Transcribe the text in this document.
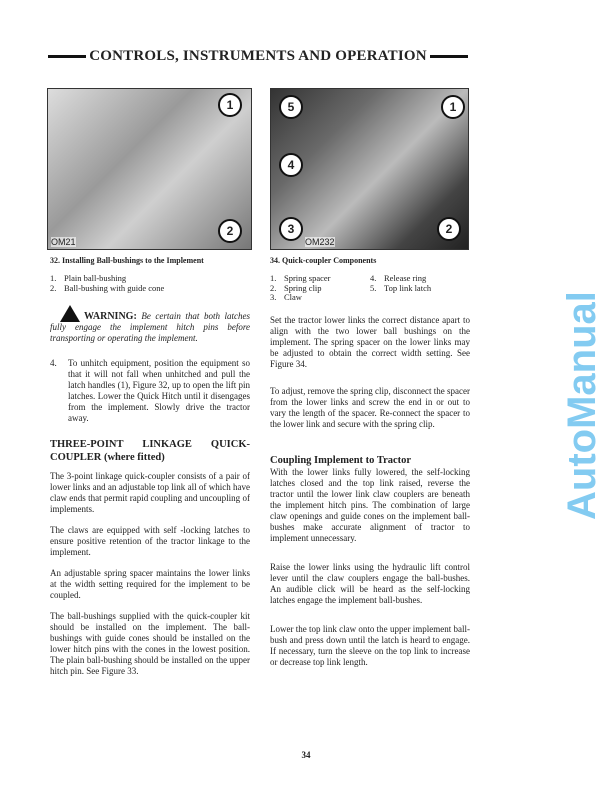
CONTROLS, INSTRUMENTS AND OPERATION
1
2
OM21
5	1
4
3	2
OM232
32. Installing Ball-bushings to the Implement
1. Plain ball-bushing
2. Ball-bushing with guide cone

WARNING: Be certain that both latches fully engage the implement hitch pins before transporting or operating the implement.

4.	To unhitch equipment, position the equipment so that it will not fall when unhitched and pull the latch handles (1), Figure 32, up to open the lift pin latches. Lower the Quick Hitch until it disengages from the implement. Slowly drive the tractor away.
THREE-POINT LINKAGE QUICK-COUPLER (where fitted)

The 3-point linkage quick-coupler consists of a pair of lower links and an adjustable top link all of which have claw ends that permit rapid coupling and uncoupling of implements.

The claws are equipped with self -locking latches to ensure positive retention of the tractor linkage to the implement.

An adjustable spring spacer maintains the lower links at the width setting required for the implement to be coupled.

The ball-bushings supplied with the quick-coupler kit should be installed on the implement. The ball-bushings with guide cones should be installed on the lower hitch pins with the cones in the lowest position. The plain ball-bushing should be installed on the upper hitch pin. See Figure 33.

34. Quick-coupler Components
1. Spring spacer	4. Release ring
2. Spring clip	5. Top link latch
3. Claw

Set the tractor lower links the correct distance apart to align with the two lower ball bushings on the implement. The spring spacer on the lower links may be adjusted to obtain the correct width setting. See Figure 34.

To adjust, remove the spring clip, disconnect the spacer from the lower links and screw the end in or out to vary the length of the spacer. Re-connect the spacer to the lower link and secure with the spring clip.

Coupling Implement to Tractor

With the lower links fully lowered, the self-locking latches closed and the top link raised, reverse the tractor until the lower link claw couplers are beneath the implement hitch pins. The combination of large claw openings and guide cones on the implement ball-bushes make accurate alignment of tractor to implement unnecessary.

Raise the lower links using the hydraulic lift control lever until the claw couplers engage the ball-bushes. An audible click will be heard as the self-locking latches engage the implement ball-bushes.

Lower the top link claw onto the upper implement ball-bush and press down until the latch is heard to engage. If necessary, turn the sleeve on the top link to increase or decrease top link length.

34
AutoManual
